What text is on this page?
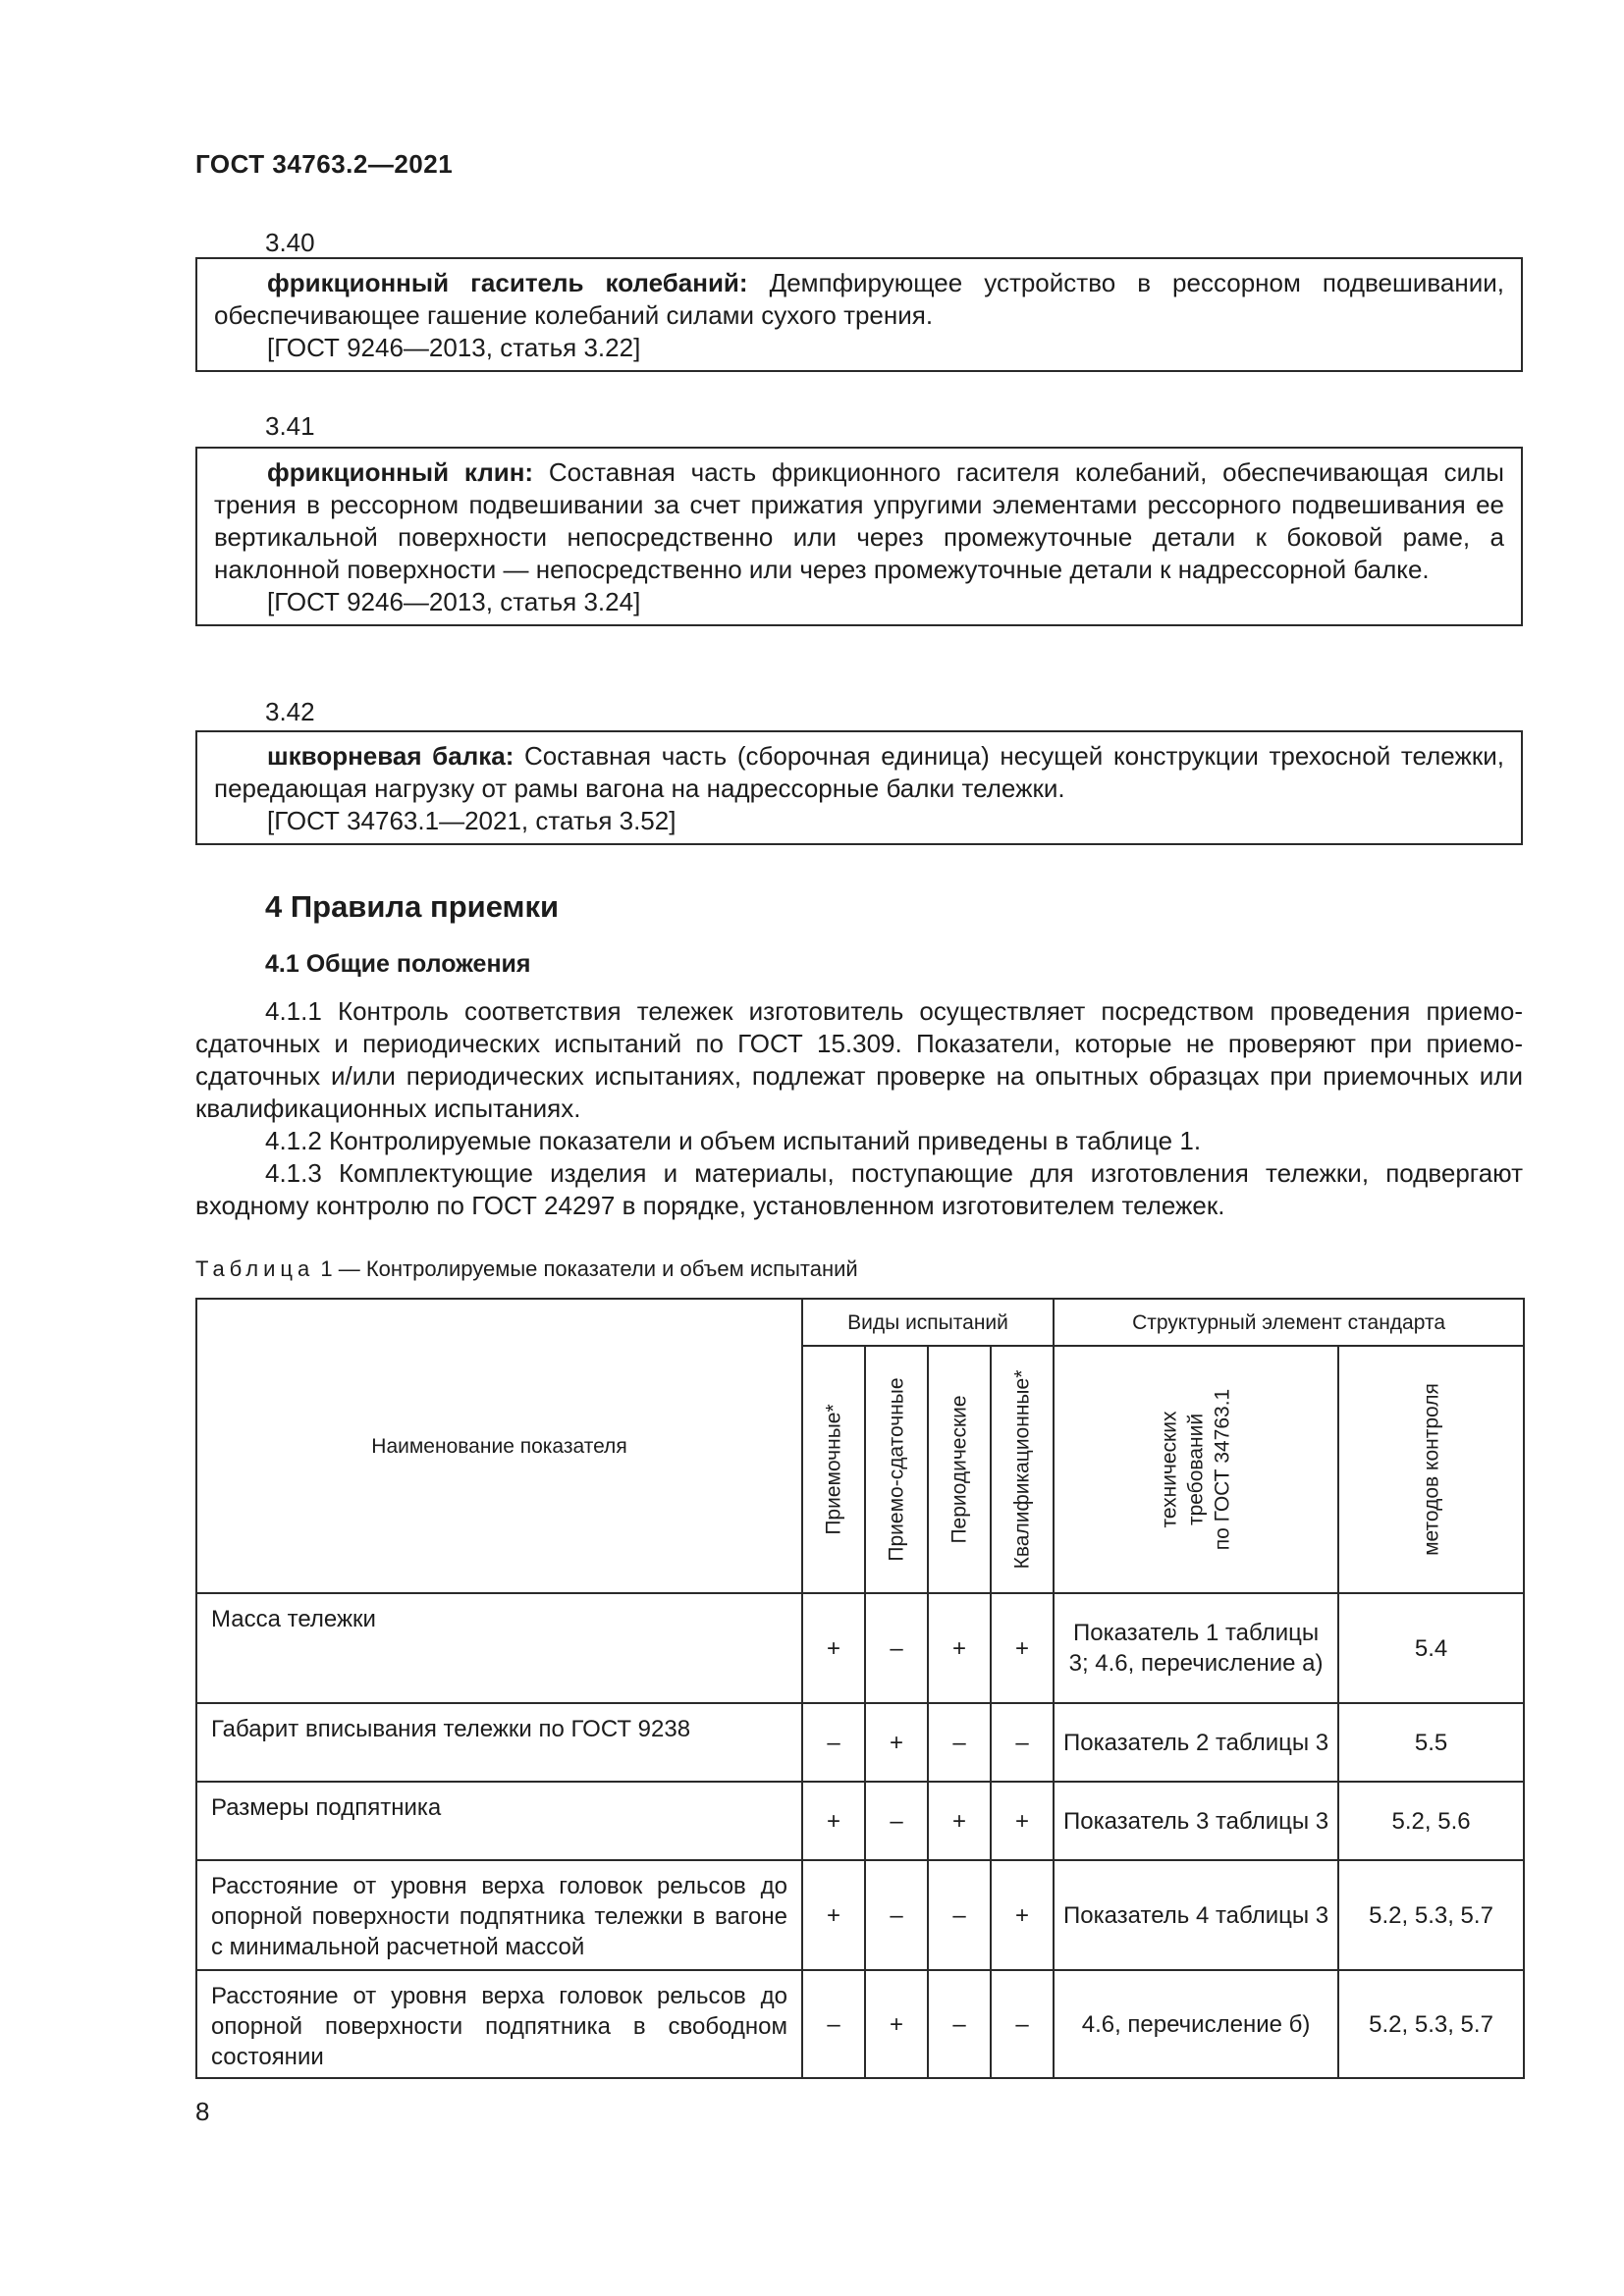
ГОСТ 34763.2—2021
3.40

фрикционный гаситель колебаний: Демпфирующее устройство в рессорном подвешивании, обеспечивающее гашение колебаний силами сухого трения.

[ГОСТ 9246—2013, статья 3.22]

3.41

фрикционный клин: Составная часть фрикционного гасителя колебаний, обеспечивающая силы трения в рессорном подвешивании за счет прижатия упругими элементами рессорного подвешивания ее вертикальной поверхности непосредственно или через промежуточные детали к боковой раме, а наклонной поверхности — непосредственно или через промежуточные детали к надрессорной балке.

[ГОСТ 9246—2013, статья 3.24]

3.42

шкворневая балка: Составная часть (сборочная единица) несущей конструкции трехосной тележки, передающая нагрузку от рамы вагона на надрессорные балки тележки.

[ГОСТ 34763.1—2021, статья 3.52]

4 Правила приемки
4.1 Общие положения

4.1.1 Контроль соответствия тележек изготовитель осуществляет посредством проведения приемо-сдаточных и периодических испытаний по ГОСТ 15.309. Показатели, которые не проверяют при приемо-сдаточных и/или периодических испытаниях, подлежат проверке на опытных образцах при приемочных или квалификационных испытаниях.

4.1.2 Контролируемые показатели и объем испытаний приведены в таблице 1.

4.1.3 Комплектующие изделия и материалы, поступающие для изготовления тележки, подвергают входному контролю по ГОСТ 24297 в порядке, установленном изготовителем тележек.

Таблица 1 — Контролируемые показатели и объем испытаний
Наименование показателя	Виды испытаний				Структурный элемент стандарта	

	Приемочные*	Приемо-сдаточные	Периодические	Квалификационные*	технических требований по ГОСТ 34763.1	методов контроля

Масса тележки	+	–	+	+	Показатель 1 таблицы 3; 4.6, перечисление а)	5.4
Габарит вписывания тележки по ГОСТ 9238	–	+	–	–	Показатель 2 таблицы 3	5.5
Размеры подпятника	+	–	+	+	Показатель 3 таблицы 3	5.2, 5.6
Расстояние от уровня верха головок рельсов до опорной поверхности подпятника тележки в вагоне с минимальной расчетной массой	+	–	–	+	Показатель 4 таблицы 3	5.2, 5.3, 5.7
Расстояние от уровня верха головок рельсов до опорной поверхности подпятника в свободном состоянии	–	+	–	–	4.6, перечисление б)	5.2, 5.3, 5.7
8
